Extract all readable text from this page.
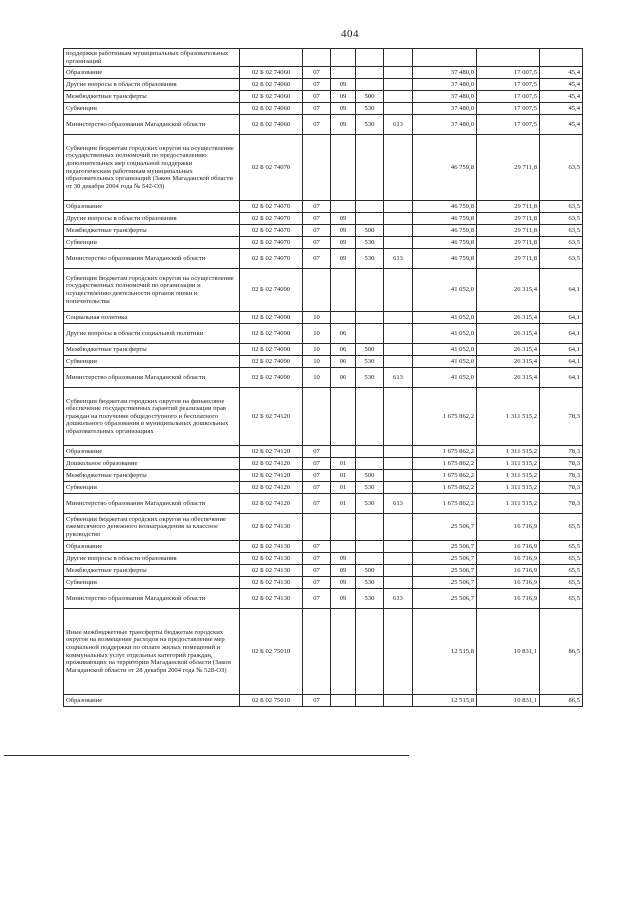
404
поддержки работникам муниципальных образовательных организаций								
Образование	02 Б 02 74060	07				37 480,0	17 007,5	45,4
Другие вопросы в области образования	02 Б 02 74060	07	09			37 480,0	17 007,5	45,4
Межбюджетные трансферты	02 Б 02 74060	07	09	500		37 480,0	17 007,5	45,4
Субвенции	02 Б 02 74060	07	09	530		37 480,0	17 007,5	45,4
Министерство образования Магаданской области	02 Б 02 74060	07	09	530	613	37 480,0	17 007,5	45,4
Субвенции бюджетам городских округов на осуществление государственных полномочий по предоставлению дополнительных мер социальной поддержки педагогическим работникам муниципальных образовательных организаций (Закон Магаданской области от 30 декабря 2004 года № 542-ОЗ)	02 Б 02 74070					46 759,8	29 711,8	63,5
Образование	02 Б 02 74070	07				46 759,8	29 711,8	63,5
Другие вопросы в области образования	02 Б 02 74070	07	09			46 759,8	29 711,8	63,5
Межбюджетные трансферты	02 Б 02 74070	07	09	500		46 759,8	29 711,8	63,5
Субвенции	02 Б 02 74070	07	09	530		46 759,8	29 711,8	63,5
Министерство образования Магаданской области	02 Б 02 74070	07	09	530	613	46 759,8	29 711,8	63,5
Субвенции бюджетам городских округов на осуществление государственных полномочий по организации и осуществлению деятельности органов опеки и попечительства	02 Б 02 74090					41 052,0	26 315,4	64,1
Социальная политика	02 Б 02 74090	10				41 052,0	26 315,4	64,1
Другие вопросы в области социальной политики	02 Б 02 74090	10	06			41 052,0	26 315,4	64,1
Межбюджетные трансферты	02 Б 02 74090	10	06	500		41 052,0	26 315,4	64,1
Субвенции	02 Б 02 74090	10	06	530		41 052,0	26 315,4	64,1
Министерство образования Магаданской области	02 Б 02 74090	10	06	530	613	41 052,0	26 315,4	64,1
Субвенции бюджетам городских округов на финансовое обеспечение государственных гарантий реализации прав граждан на получение общедоступного и бесплатного дошкольного образования в муниципальных дошкольных образовательных организациях	02 Б 02 74120					1 675 862,2	1 311 515,2	78,3
Образование	02 Б 02 74120	07				1 675 862,2	1 311 515,2	78,3
Дошкольное образование	02 Б 02 74120	07	01			1 675 862,2	1 311 515,2	78,3
Межбюджетные трансферты	02 Б 02 74120	07	01	500		1 675 862,2	1 311 515,2	78,3
Субвенции	02 Б 02 74120	07	01	530		1 675 862,2	1 311 515,2	78,3
Министерство образования Магаданской области	02 Б 02 74120	07	01	530	613	1 675 862,2	1 311 515,2	78,3
Субвенции бюджетам городских округов на обеспечение ежемесячного денежного вознаграждения за классное руководство	02 Б 02 74130					25 506,7	16 716,9	65,5
Образование	02 Б 02 74130	07				25 506,7	16 716,9	65,5
Другие вопросы в области образования	02 Б 02 74130	07	09			25 506,7	16 716,9	65,5
Межбюджетные трансферты	02 Б 02 74130	07	09	500		25 506,7	16 716,9	65,5
Субвенции	02 Б 02 74130	07	09	530		25 506,7	16 716,9	65,5
Министерство образования Магаданской области	02 Б 02 74130	07	09	530	613	25 506,7	16 716,9	65,5
Иные межбюджетные трансферты бюджетам городских округов на возмещение расходов на предоставление мер социальной поддержки по оплате жилых помещений и коммунальных услуг отдельных категорий граждан, проживающих на территории Магаданской области (Закон Магаданской области от 28 декабря 2004 года № 528-ОЗ)	02 Б 02 75010					12 515,8	10 831,1	86,5
Образование	02 Б 02 75010	07				12 515,8	10 831,1	86,5
